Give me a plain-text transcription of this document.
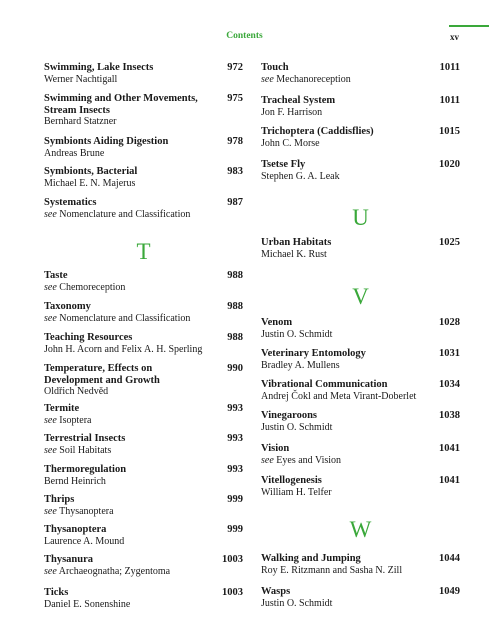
Contents	xv
Swimming, Lake Insects	972
Werner Nachtigall
Swimming and Other Movements, Stream Insects
975
Bernhard Statzner
Symbionts Aiding Digestion	978
Andreas Brune
Symbionts, Bacterial	983
Michael E. N. Majerus
Systematics	987
see Nomenclature and Classification
T
Taste	988
see Chemoreception
Taxonomy	988
see Nomenclature and Classification
Teaching Resources	988
John H. Acorn and Felix A. H. Sperling
Temperature, Effects on Development and Growth
990
Oldřich Nedvěd
Termite	993
see Isoptera
Terrestrial Insects	993
see Soil Habitats
Thermoregulation	993
Bernd Heinrich
Thrips	999
see Thysanoptera
Thysanoptera	999
Laurence A. Mound
Thysanura	1003
see Archaeognatha; Zygentoma
Ticks	1003
Daniel E. Sonenshine
Touch	1011
see Mechanoreception
Tracheal System	1011
Jon F. Harrison
Trichoptera (Caddisflies)	1015
John C. Morse
Tsetse Fly	1020
Stephen G. A. Leak
U
Urban Habitats	1025
Michael K. Rust
V
Venom	1028
Justin O. Schmidt
Veterinary Entomology	1031
Bradley A. Mullens
Vibrational Communication	1034
Andrej Čokl and Meta Virant-Doberlet
Vinegaroons	1038
Justin O. Schmidt
Vision	1041
see Eyes and Vision
Vitellogenesis	1041
William H. Telfer
W
Walking and Jumping	1044
Roy E. Ritzmann and Sasha N. Zill
Wasps	1049
Justin O. Schmidt
